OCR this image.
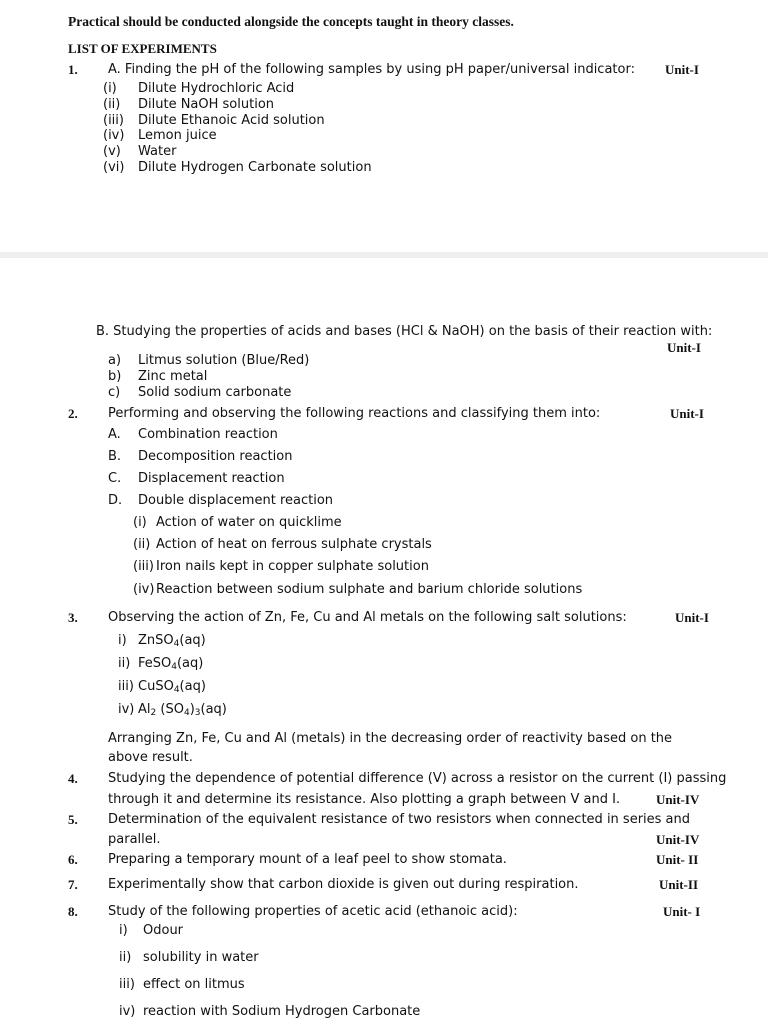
Practical should be conducted alongside the concepts taught in theory classes.
LIST OF EXPERIMENTS
1. A. Finding the pH of the following samples by using pH paper/universal indicator: Unit-I
(i) Dilute Hydrochloric Acid
(ii) Dilute NaOH solution
(iii) Dilute Ethanoic Acid solution
(iv) Lemon juice
(v) Water
(vi) Dilute Hydrogen Carbonate solution
B. Studying the properties of acids and bases (HCl & NaOH) on the basis of their reaction with:
Unit-I
a) Litmus solution (Blue/Red)
b) Zinc metal
c) Solid sodium carbonate
2. Performing and observing the following reactions and classifying them into:	Unit-I
A. Combination reaction
B. Decomposition reaction
C. Displacement reaction
D. Double displacement reaction
(i) Action of water on quicklime
(ii) Action of heat on ferrous sulphate crystals
(iii) Iron nails kept in copper sulphate solution
(iv) Reaction between sodium sulphate and barium chloride solutions
3. Observing the action of Zn, Fe, Cu and Al metals on the following salt solutions:	Unit-I
i) ZnSO$_4$(aq)
ii) FeSO$_4$(aq)
iii) CuSO$_4$(aq)
iv) $Al_2$ $(SO_4)_3(aq)$
Arranging Zn, Fe, Cu and Al (metals) in the decreasing order of reactivity based on the
above result.
4. Studying the dependence of potential difference (V) across a resistor on the current (I) passing
through it and determine its resistance. Also plotting a graph between V and I.	Unit-IV
5. Determination of the equivalent resistance of two resistors when connected in series and
parallel.	Unit-IV
6. Preparing a temporary mount of a leaf peel to show stomata.	Unit- II
7. Experimentally show that carbon dioxide is given out during respiration.	Unit-II
8. Study of the following properties of acetic acid (ethanoic acid):	Unit- I
i) Odour
ii) solubility in water
iii) effect on litmus
iv) reaction with Sodium Hydrogen Carbonate
